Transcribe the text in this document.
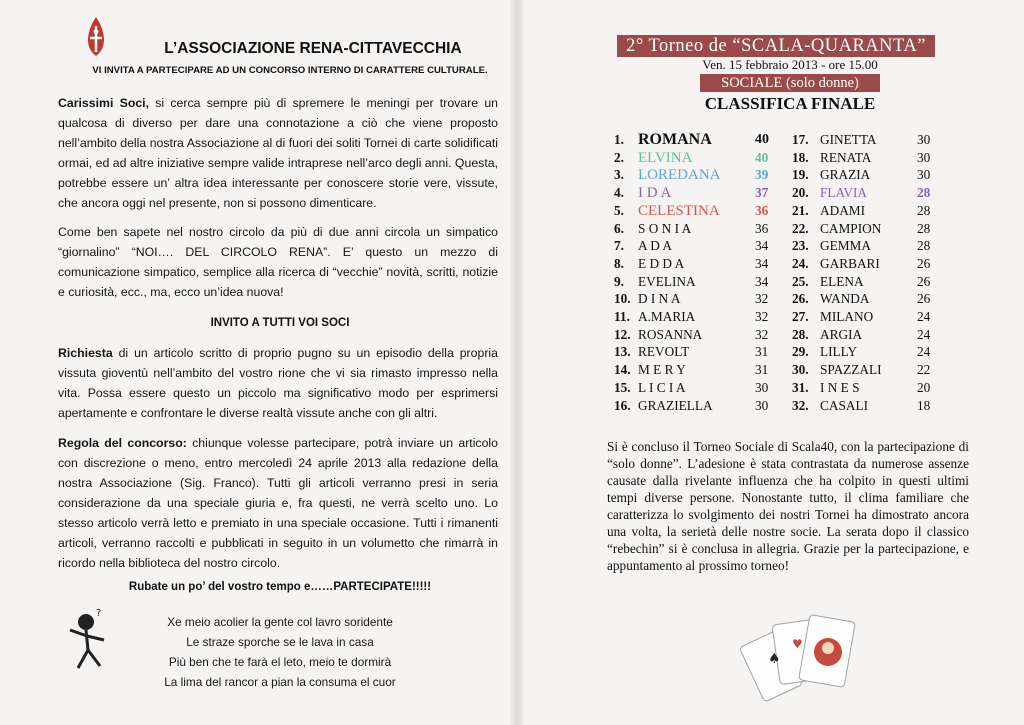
L’ASSOCIAZIONE RENA-CITTAVECCHIA
VI INVITA A PARTECIPARE AD UN CONCORSO INTERNO DI CARATTERE CULTURALE.
Carissimi Soci, si cerca sempre più di spremere le meningi per trovare un qualcosa di diverso per dare una connotazione a ciò che viene proposto nell’ambito della nostra Associazione al di fuori dei soliti Tornei di carte solidificati ormai, ed ad altre iniziative sempre valide intraprese nell’arco degli anni. Questa, potrebbe essere un’ altra idea interessante per conoscere storie vere, vissute, che ancora oggi nel presente, non si possono dimenticare.
Come ben sapete nel nostro circolo da più di due anni circola un simpatico “giornalino” “NOI…. DEL CIRCOLO RENA”. E’ questo un mezzo di comunicazione simpatico, semplice alla ricerca di “vecchie” novità, scritti, notizie e curiosità, ecc., ma, ecco un’idea nuova!
INVITO A TUTTI VOI SOCI
Richiesta di un articolo scritto di proprio pugno su un episodio della propria vissuta gioventù nell’ambito del vostro rione che vi sia rimasto impresso nella vita. Possa essere questo un piccolo ma significativo modo per esprimersi apertamente e confrontare le diverse realtà vissute anche con gli altri.
Regola del concorso: chiunque volesse partecipare, potrà inviare un articolo con discrezione o meno, entro mercoledì 24 aprile 2013 alla redazione della nostra Associazione (Sig. Franco). Tutti gli articoli verranno presi in seria considerazione da una speciale giuria e, fra questi, ne verrà scelto uno. Lo stesso articolo verrà letto e premiato in una speciale occasione. Tutti i rimanenti articoli, verranno raccolti e pubblicati in seguito in un volumetto che rimarrà in ricordo nella biblioteca del nostro circolo.
Rubate un po’ del vostro tempo e……PARTECIPATE!!!!!
?
Xe meio acolier la gente col lavro soridente
Le straze sporche se le lava in casa
Più ben che te farà el leto, meio te dormirà
La lima del rancor a pian la consuma el cuor
2° Torneo de “SCALA-QUARANTA”
Ven. 15 febbraio 2013 - ore 15.00
SOCIALE (solo donne)
CLASSIFICA FINALE
1. ROMANA	40
2. ELVINA	40
3. LOREDANA	39
4. I D A	37
5. CELESTINA	36
6. S O N I A	36
7. A D A	34
8. E D D A	34
9. EVELINA	34
10. D I N A	32
11. A.MARIA	32
12. ROSANNA	32
13. REVOLT	31
14. M E R Y	31
15. L I C I A	30
16. GRAZIELLA	30
17. GINETTA	30
18. RENATA	30
19. GRAZIA	30
20. FLAVIA	28
21. ADAMI	28
22. CAMPION	28
23. GEMMA	28
24. GARBARI	26
25. ELENA	26
26. WANDA	26
27. MILANO	24
28. ARGIA	24
29. LILLY	24
30. SPAZZALI	22
31. I N E S	20
32. CASALI	18
Si è concluso il Torneo Sociale di Scala40, con la partecipazione di “solo donne”. L’adesione è stata contrastata da numerose assenze causate dalla rivelante influenza che ha colpito in questi ultimi tempi diverse persone. Nonostante tutto, il clima familiare che caratterizza lo svolgimento dei nostri Tornei ha dimostrato ancora una volta, la serietà delle nostre socie. La serata dopo il classico “rebechin” si è conclusa in allegria. Grazie per la partecipazione, e appuntamento al prossimo torneo!
♠
♥
